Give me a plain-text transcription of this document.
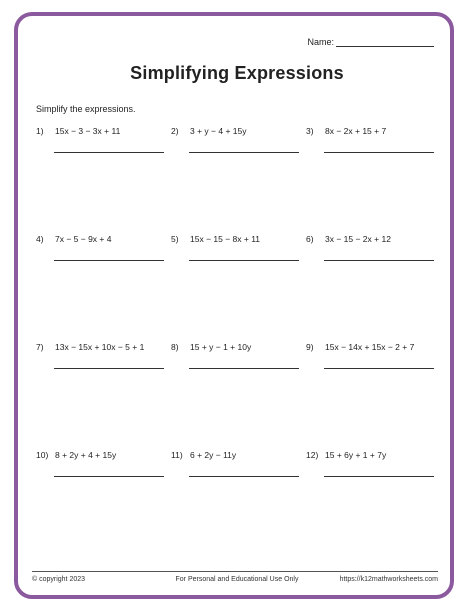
Name:
Simplifying Expressions
Simplify the expressions.
1) 15x − 3 − 3x + 11	2) 3 + y − 4 + 15y	3) 8x − 2x + 15 + 7
4) 7x − 5 − 9x + 4	5) 15x − 15 − 8x + 11	6) 3x − 15 − 2x + 12
7) 13x − 15x + 10x − 5 + 1	8) 15 + y − 1 + 10y	9) 15x − 14x + 15x − 2 + 7
10) 8 + 2y + 4 + 15y	11) 6 + 2y − 11y	12) 15 + 6y + 1 + 7y
© copyright 2023	For Personal and Educational Use Only	https://k12mathworksheets.com
